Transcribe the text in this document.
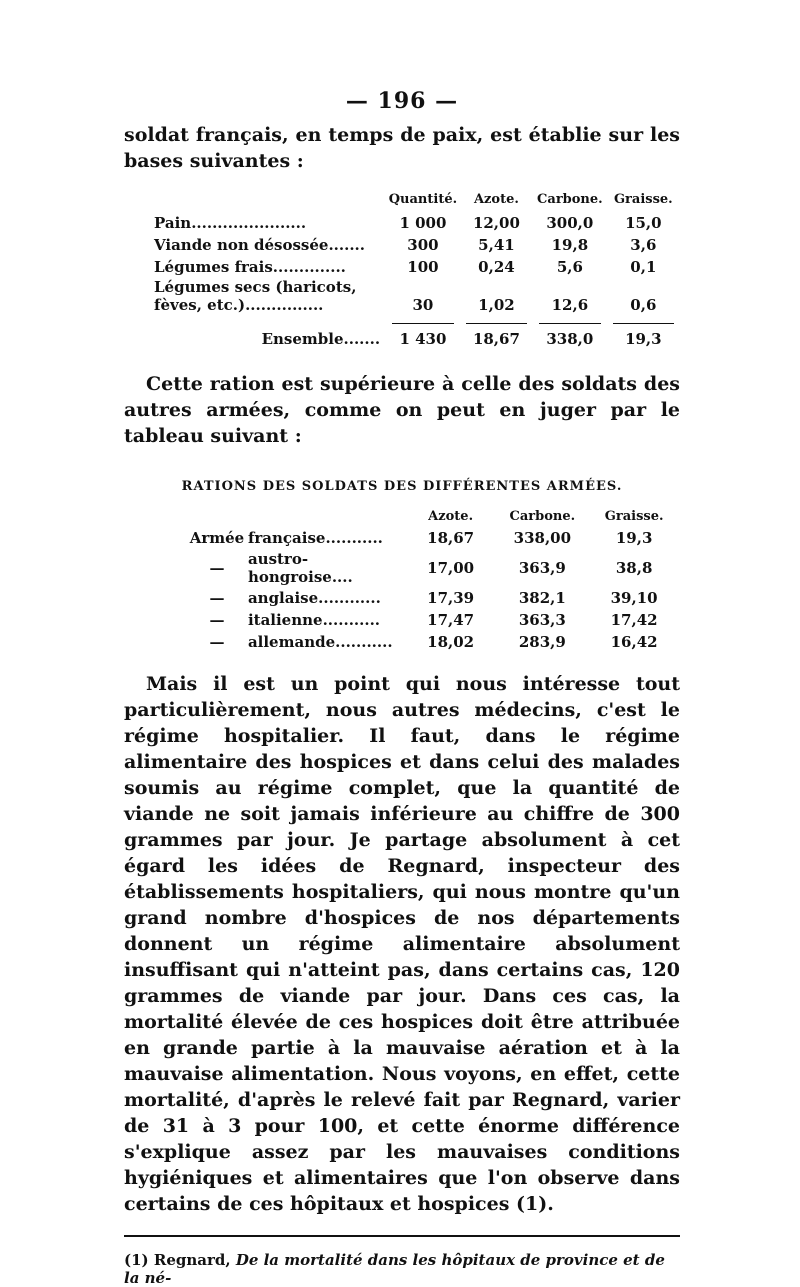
— 196 —
soldat français, en temps de paix, est établie sur les bases suivantes :
	Quantité.	Azote.	Carbone.	Graisse.
Pain......................	1 000	12,00	300,0	15,0
Viande non désossée.......	300	5,41	19,8	3,6
Légumes frais..............	100	0,24	5,6	0,1
Légumes secs (haricots, fèves, etc.)...............	30	1,02	12,6	0,6
Ensemble.......	1 430	18,67	338,0	19,3
Cette ration est supérieure à celle des soldats des autres armées, comme on peut en juger par le tableau suivant :
RATIONS DES SOLDATS DES DIFFÉRENTES ARMÉES.
		Azote.	Carbone.	Graisse.
Armée	française...........	18,67	338,00	19,3
—	austro-hongroise....	17,00	363,9	38,8
—	anglaise............	17,39	382,1	39,10
—	italienne...........	17,47	363,3	17,42
—	allemande...........	18,02	283,9	16,42
Mais il est un point qui nous intéresse tout particulièrement, nous autres médecins, c'est le régime hospitalier. Il faut, dans le régime alimentaire des hospices et dans celui des malades soumis au régime complet, que la quantité de viande ne soit jamais inférieure au chiffre de 300 grammes par jour. Je partage absolument à cet égard les idées de Regnard, inspecteur des établissements hospitaliers, qui nous montre qu'un grand nombre d'hospices de nos départements donnent un régime alimentaire absolument insuffisant qui n'atteint pas, dans certains cas, 120 grammes de viande par jour. Dans ces cas, la mortalité élevée de ces hospices doit être attribuée en grande partie à la mauvaise aération et à la mauvaise alimentation. Nous voyons, en effet, cette mortalité, d'après le relevé fait par Regnard, varier de 31 à 3 pour 100, et cette énorme différence s'explique assez par les mauvaises conditions hygiéniques et alimentaires que l'on observe dans certains de ces hôpitaux et hospices (1).
(1) Regnard, De la mortalité dans les hôpitaux de province et de la né-
